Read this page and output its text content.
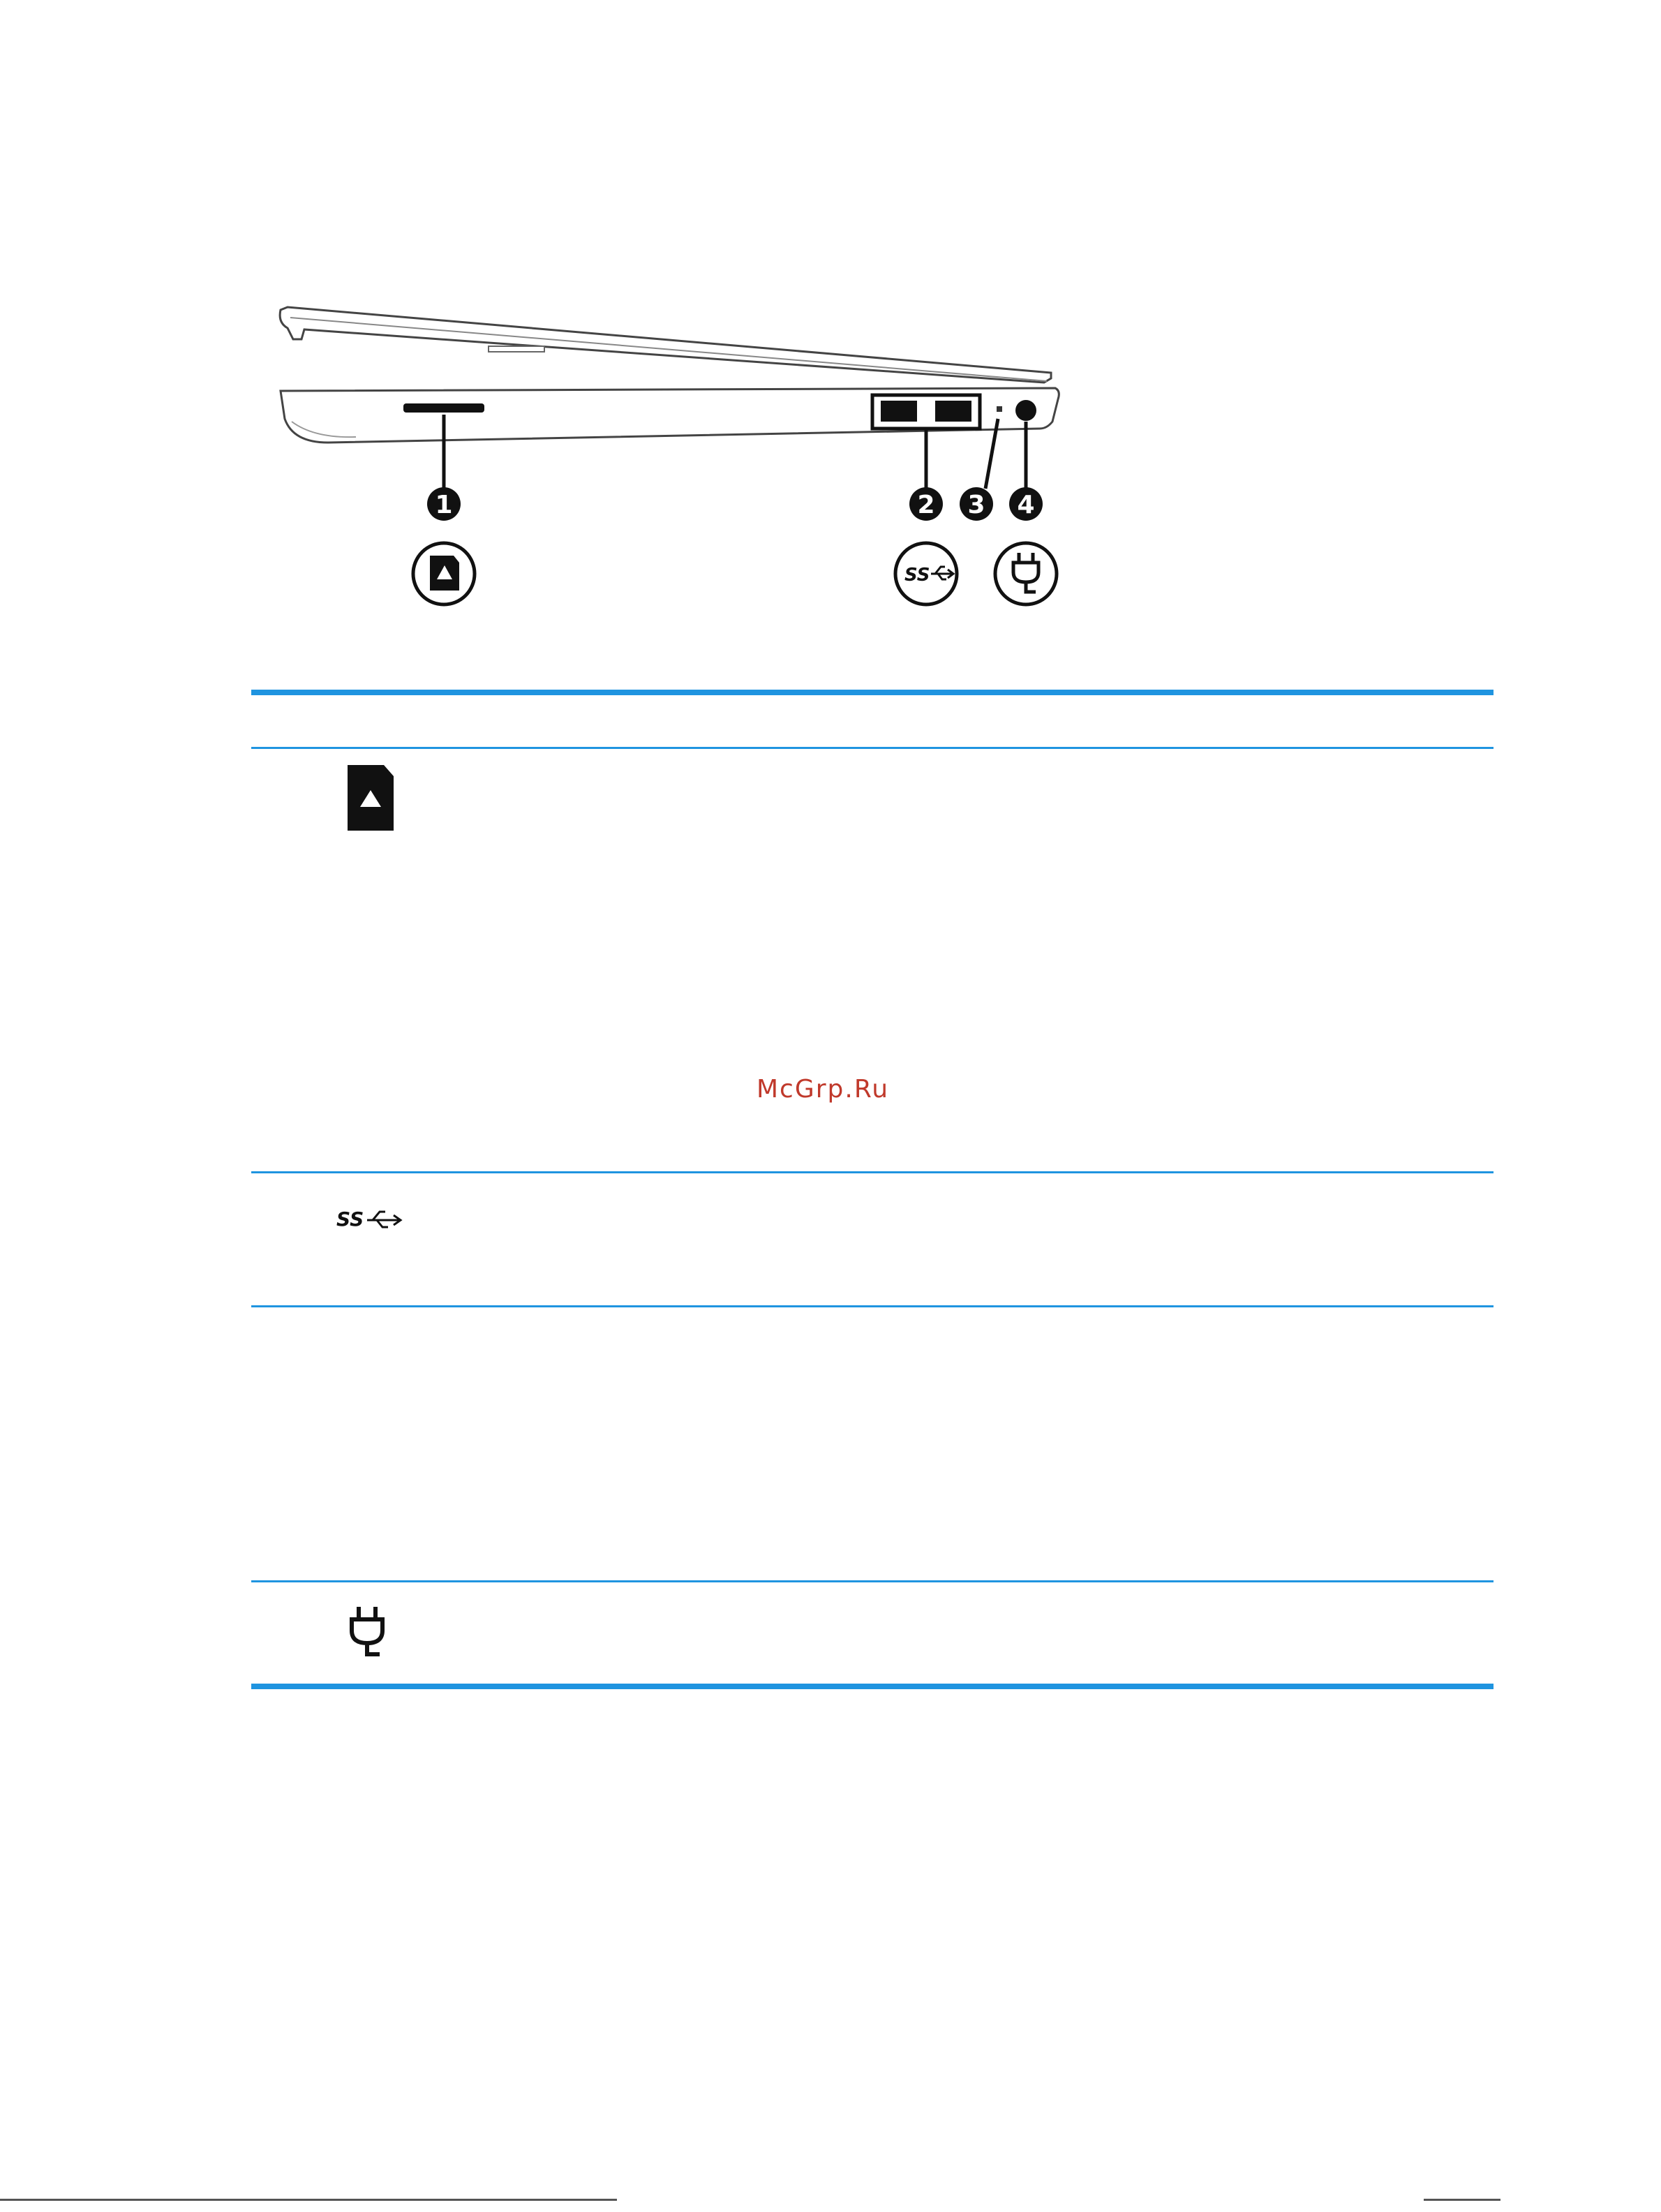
1	2 3 4
SS
SS
McGrp.Ru
